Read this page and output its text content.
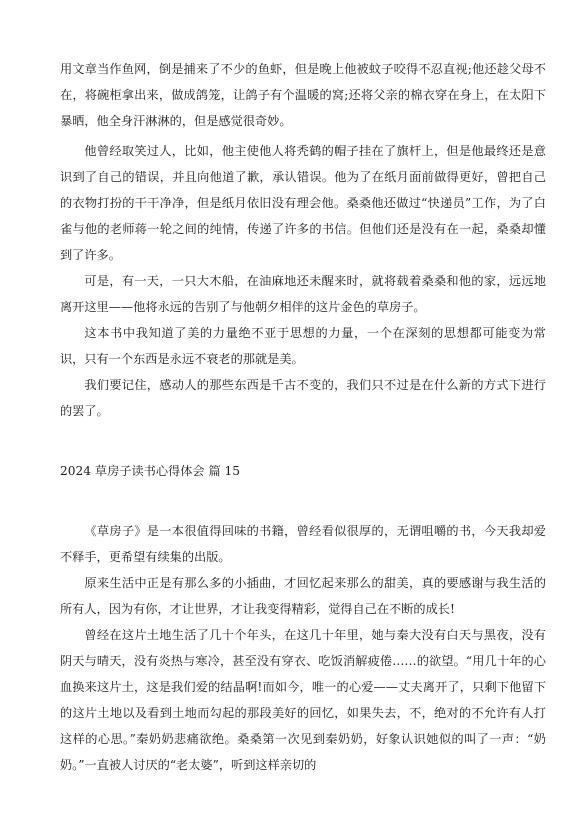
用文章当作鱼网，倒是捕来了不少的鱼虾，但是晚上他被蚊子咬得不忍直视;他还趁父母不在，将碗柜拿出来，做成鸽笼，让鸽子有个温暖的窝;还将父亲的棉衣穿在身上，在太阳下暴晒，他全身汗淋淋的，但是感觉很奇妙。

他曾经取笑过人，比如，他主使他人将秃鹤的帽子挂在了旗杆上，但是他最终还是意识到了自己的错误，并且向他道了歉，承认错误。他为了在纸月面前做得更好，曾把自己的衣物打扮的干干净净，但是纸月依旧没有理会他。桑桑他还做过“快递员”工作，为了白雀与他的老师蒋一轮之间的纯情，传递了许多的书信。但他们还是没有在一起，桑桑却懂到了许多。

可是，有一天，一只大木船，在油麻地还未醒来时，就将载着桑桑和他的家，远远地离开这里——他将永远的告别了与他朝夕相伴的这片金色的草房子。

这本书中我知道了美的力量绝不亚于思想的力量，一个在深刻的思想都可能变为常识，只有一个东西是永远不衰老的那就是美。

我们要记住，感动人的那些东西是千古不变的，我们只不过是在什么新的方式下进行的罢了。

2024 草房子读书心得体会 篇 15

《草房子》是一本很值得回味的书籍，曾经看似很厚的，无谓咀嚼的书，今天我却爱不释手，更希望有续集的出版。

原来生活中正是有那么多的小插曲，才回忆起来那么的甜美，真的要感谢与我生活的所有人，因为有你，才让世界，才让我变得精彩，觉得自己在不断的成长!

曾经在这片土地生活了几十个年头，在这几十年里，她与秦大没有白天与黑夜，没有阴天与晴天，没有炎热与寒冷，甚至没有穿衣、吃饭消解疲倦……的欲望。“用几十年的心血换来这片土，这是我们爱的结晶啊!而如今，唯一的心爱——丈夫离开了，只剩下他留下的这片土地以及看到土地而勾起的那段美好的回忆，如果失去，不，绝对的不允许有人打这样的心思。”秦奶奶悲痛欲绝。桑桑第一次见到秦奶奶，好象认识她似的叫了一声：“奶奶。”一直被人讨厌的“老太婆”，听到这样亲切的
